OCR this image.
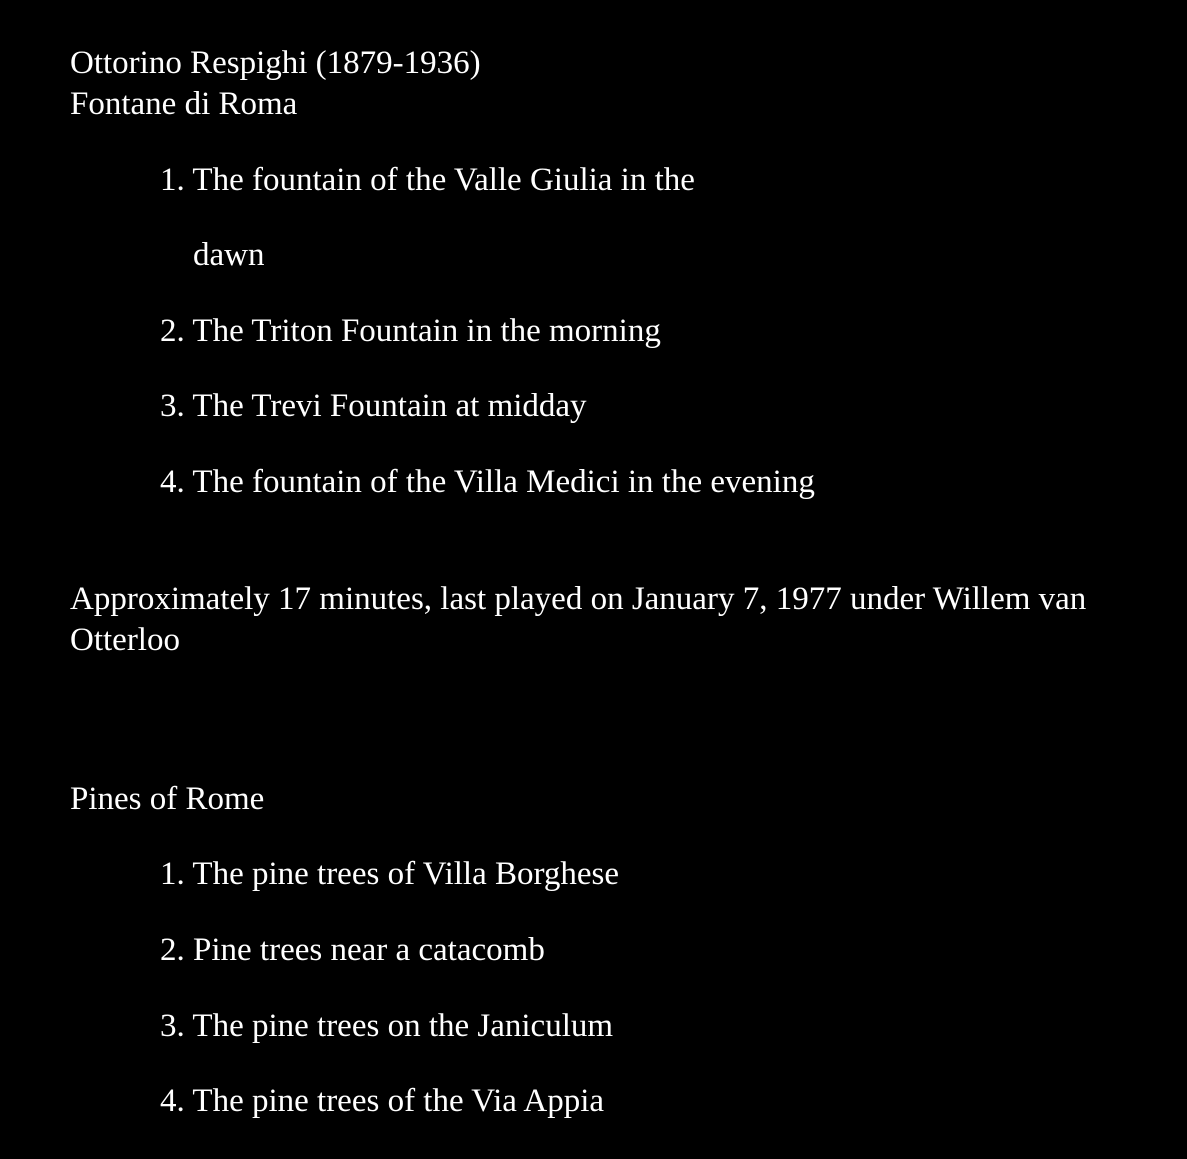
Ottorino Respighi (1879-1936)
Fontane di Roma
1. The fountain of the Valle Giulia in the
dawn
2. The Triton Fountain in the morning
3. The Trevi Fountain at midday
4. The fountain of the Villa Medici in the evening
Approximately 17 minutes, last played on January 7, 1977 under Willem van Otterloo
Pines of Rome
1. The pine trees of Villa Borghese
2. Pine trees near a catacomb
3. The pine trees on the Janiculum
4. The pine trees of the Via Appia
